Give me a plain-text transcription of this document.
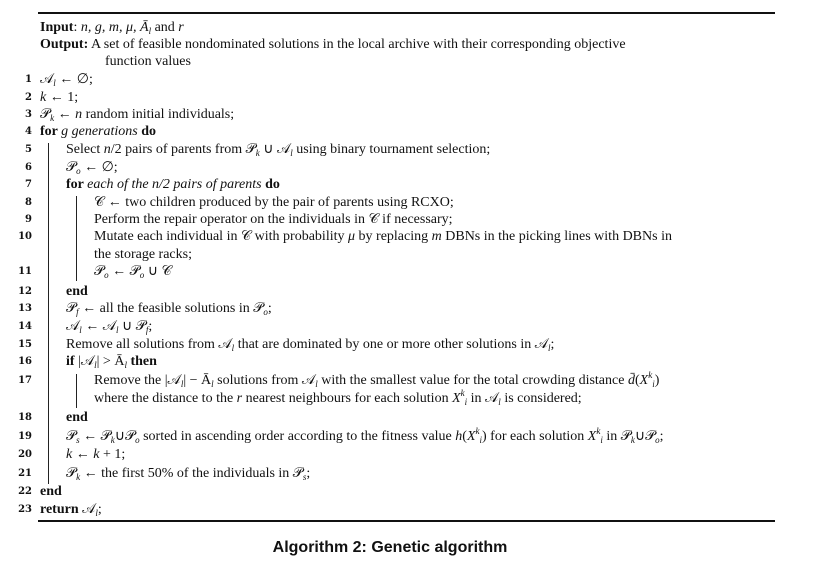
Input: n, g, m, μ, $Ā_l$ and r
Output: A set of feasible nondominated solutions in the local archive with their corresponding objective
function values
1 𝒜$_l$ ← ∅;
2 k ← 1;
3 𝒫$_k$ ← n random initial individuals;
4 for g generations do
5 Select n/2 pairs of parents from 𝒫$_k$ ∪ 𝒜$_l$ using binary tournament selection;
6 𝒫$_o$ ← ∅;
7 for each of the n/2 pairs of parents do
8	𝒞 ← two children produced by the pair of parents using RCXO;
9	Perform the repair operator on the individuals in 𝒞 if necessary;
10	Mutate each individual in 𝒞 with probability μ by replacing m DBNs in the picking lines with DBNs in
the storage racks;
11	𝒫$_o$ ← 𝒫$_o$ ∪ 𝒞
12 end
13 𝒫$_f$ ← all the feasible solutions in 𝒫$_o$;
14 𝒜$_l$ ← 𝒜$_l$ ∪ 𝒫$_f$;
15 Remove all solutions from 𝒜$_l$ that are dominated by one or more other solutions in 𝒜$_l$;
16 if |𝒜$_l$| > $Ā_l$ then
17	Remove the |𝒜$_l$| − $Ā_l$ solutions from 𝒜$_l$ with the smallest value for the total crowding distance $d̄(X^k_i)$
where the distance to the r nearest neighbours for each solution $X^k_i$ in 𝒜$_l$ is considered;
18 end
19 𝒫$_s$ ← 𝒫$_k$∪𝒫$_o$ sorted in ascending order according to the fitness value $h(X^k_i)$ for each solution $X^k_i$ in 𝒫$_k$∪𝒫$_o$;
20 k ← k + 1;
21 𝒫$_k$ ← the first 50% of the individuals in 𝒫$_s$;
22 end
23 return 𝒜$_l$;
Algorithm 2: Genetic algorithm
